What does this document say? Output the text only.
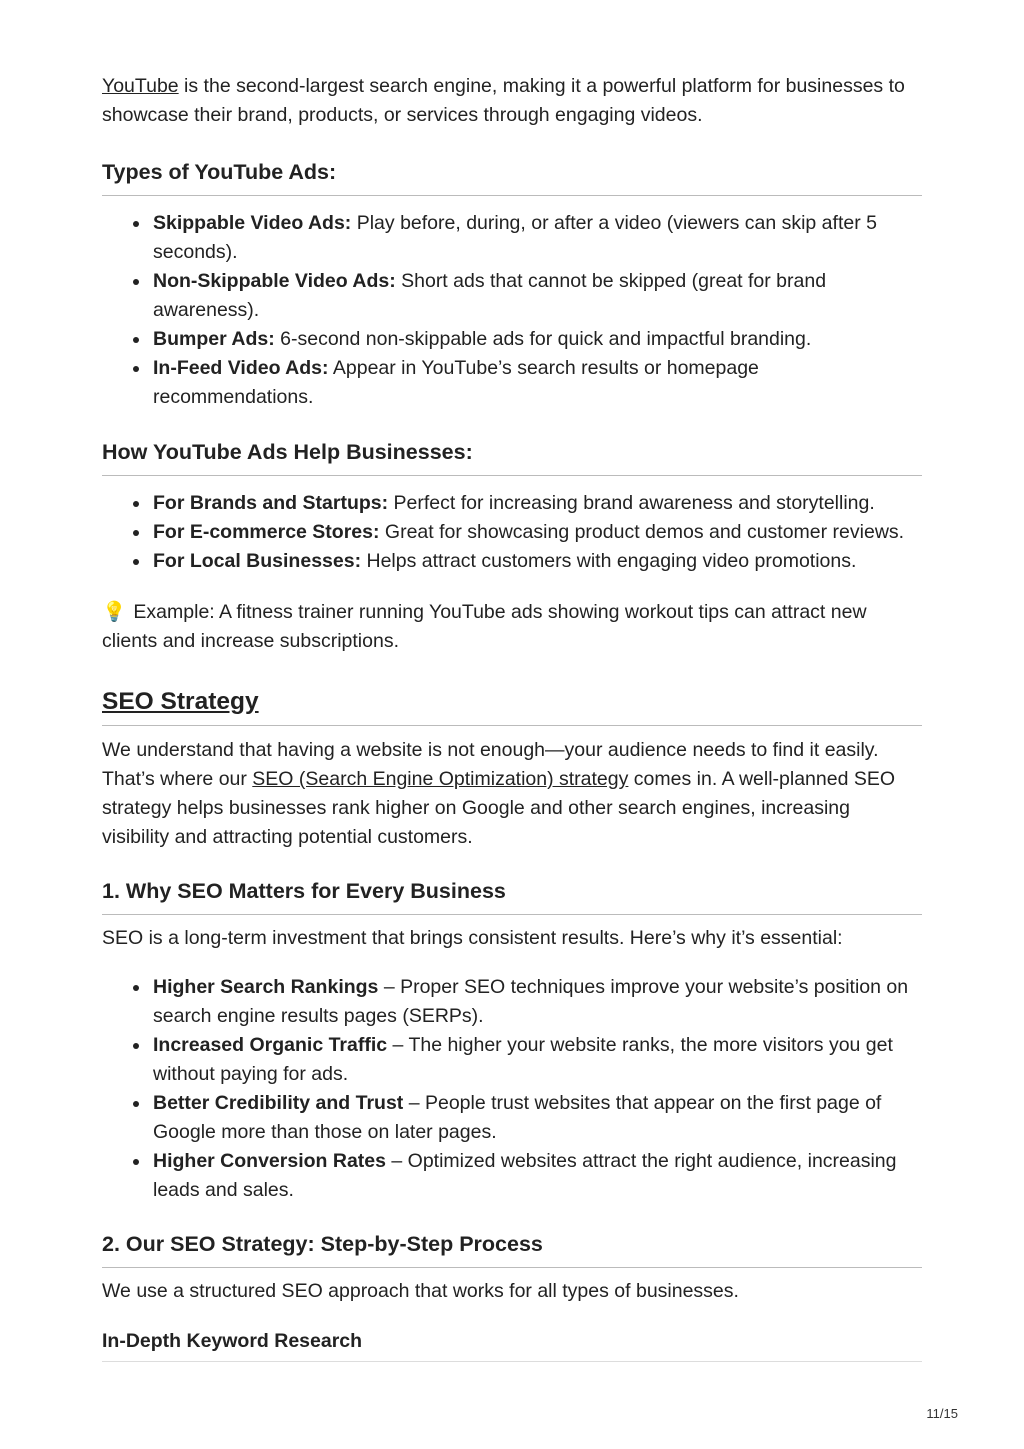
YouTube is the second-largest search engine, making it a powerful platform for businesses to showcase their brand, products, or services through engaging videos.

Types of YouTube Ads:
Skippable Video Ads: Play before, during, or after a video (viewers can skip after 5 seconds).
Non-Skippable Video Ads: Short ads that cannot be skipped (great for brand awareness).
Bumper Ads: 6-second non-skippable ads for quick and impactful branding.
In-Feed Video Ads: Appear in YouTube’s search results or homepage recommendations.
How YouTube Ads Help Businesses:
For Brands and Startups: Perfect for increasing brand awareness and storytelling.
For E-commerce Stores: Great for showcasing product demos and customer reviews.
For Local Businesses: Helps attract customers with engaging video promotions.

💡 Example: A fitness trainer running YouTube ads showing workout tips can attract new clients and increase subscriptions.

SEO Strategy

We understand that having a website is not enough—your audience needs to find it easily. That’s where our SEO (Search Engine Optimization) strategy comes in. A well-planned SEO strategy helps businesses rank higher on Google and other search engines, increasing visibility and attracting potential customers.

1. Why SEO Matters for Every Business

SEO is a long-term investment that brings consistent results. Here’s why it’s essential:

Higher Search Rankings – Proper SEO techniques improve your website’s position on search engine results pages (SERPs).
Increased Organic Traffic – The higher your website ranks, the more visitors you get without paying for ads.
Better Credibility and Trust – People trust websites that appear on the first page of Google more than those on later pages.
Higher Conversion Rates – Optimized websites attract the right audience, increasing leads and sales.
2. Our SEO Strategy: Step-by-Step Process

We use a structured SEO approach that works for all types of businesses.

In-Depth Keyword Research
11/15
